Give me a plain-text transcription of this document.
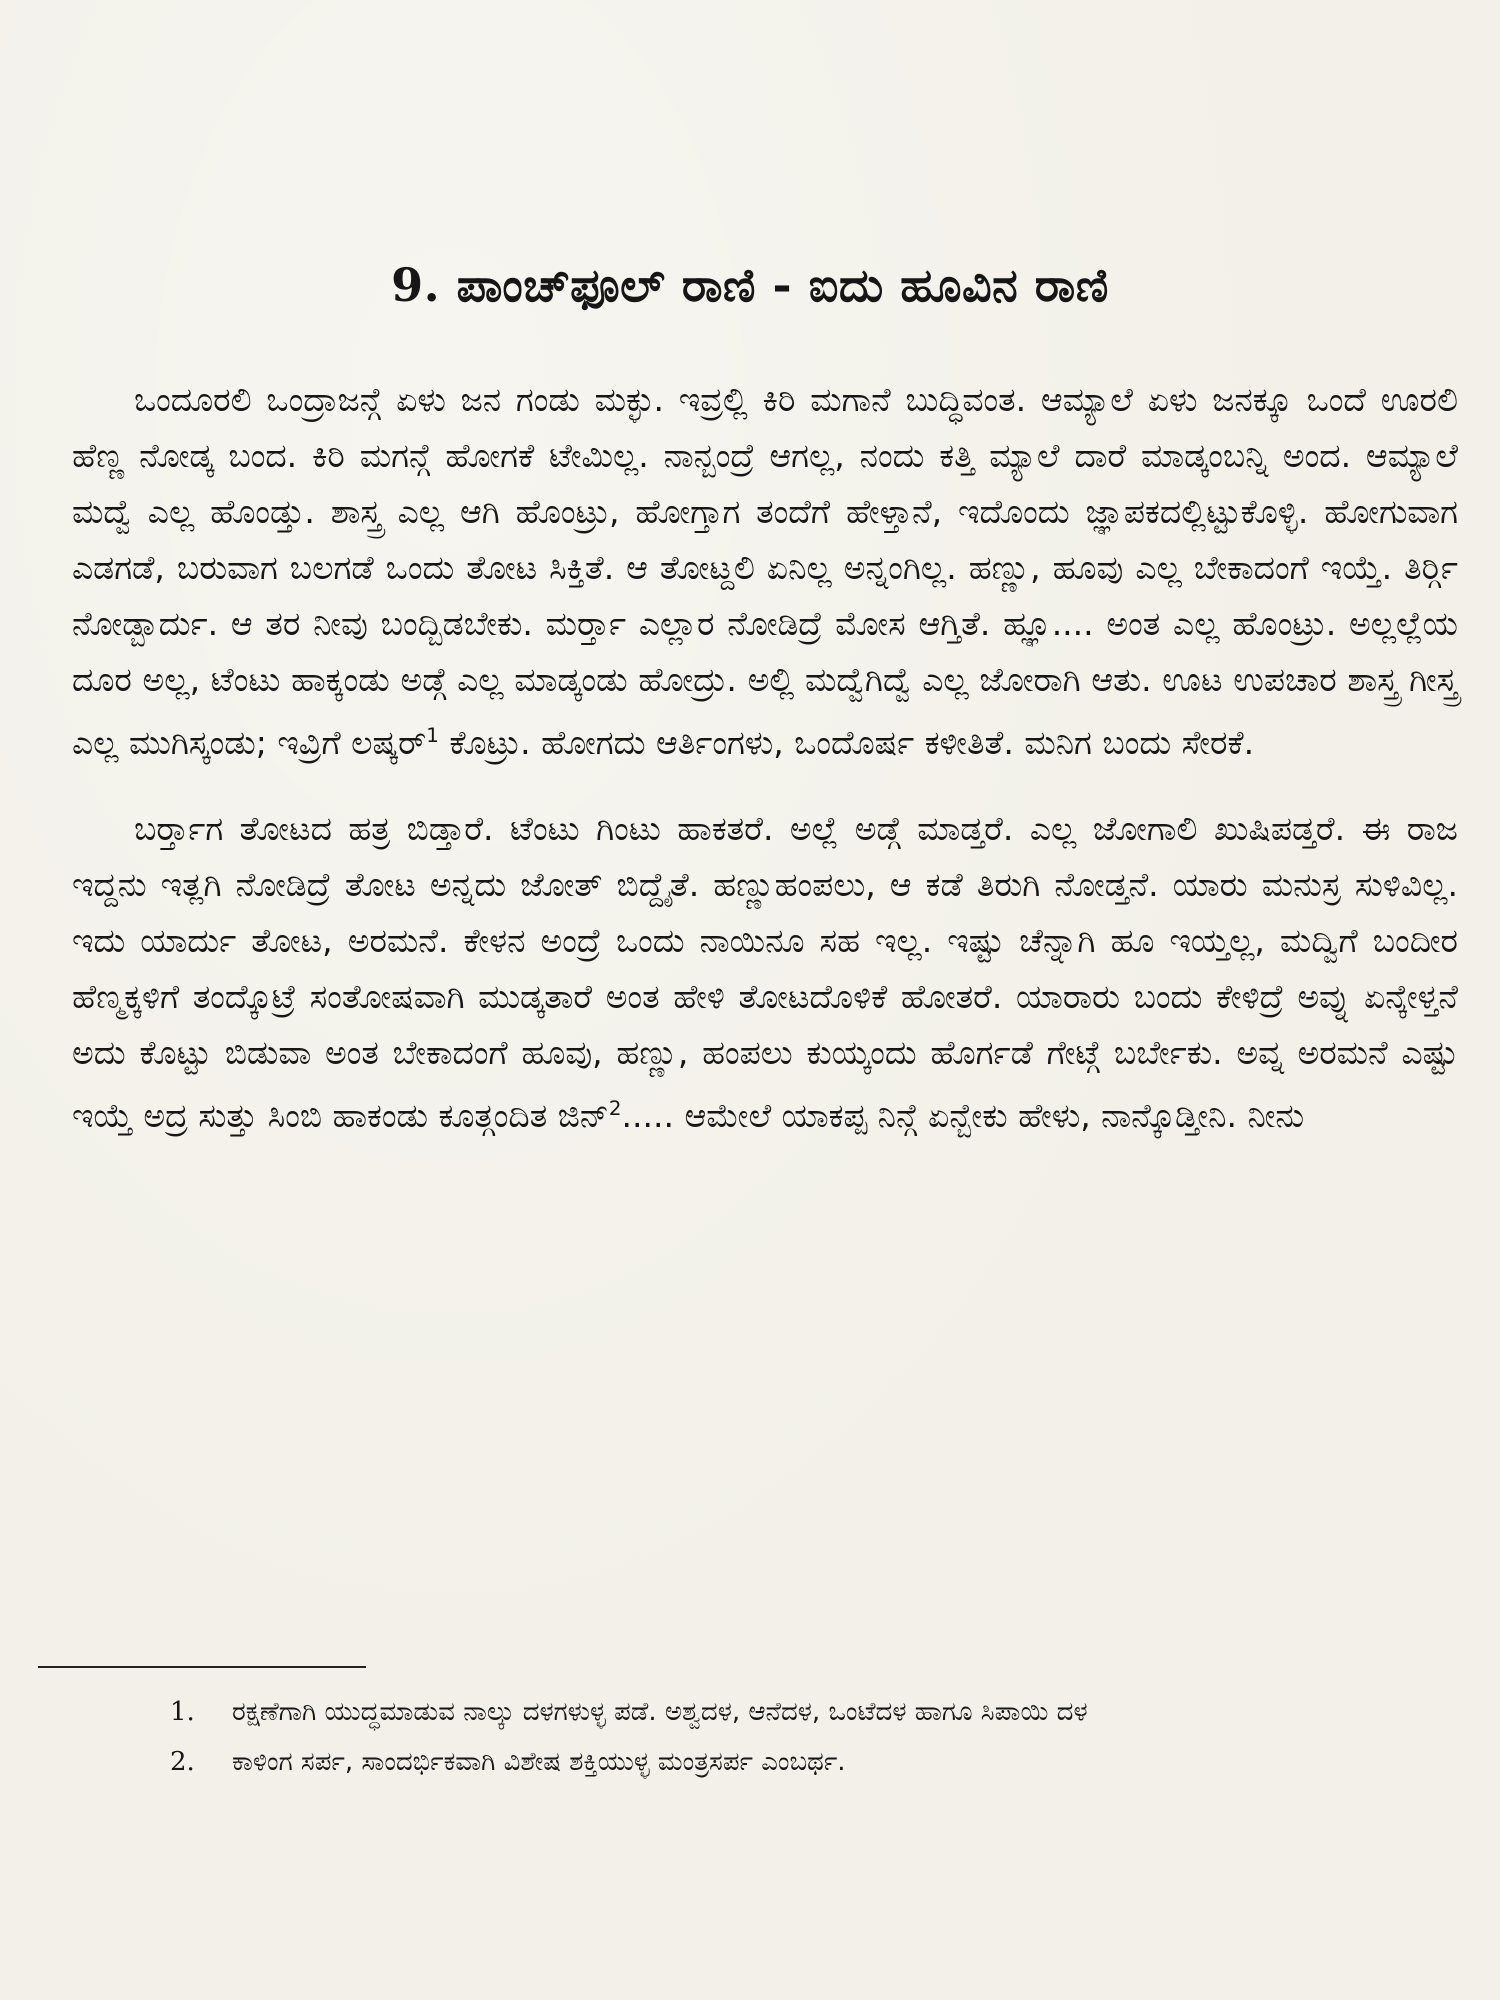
9. ಪಾಂಚ್‌ಫೂಲ್ ರಾಣಿ - ಐದು ಹೂವಿನ ರಾಣಿ

ಒಂದೂರಲಿ ಒಂದ್ರಾಜನ್ಗೆ ಏಳು ಜನ ಗಂಡು ಮಕ್ಳು. ಇವ್ರಲ್ಲಿ ಕಿರಿ ಮಗಾನೆ ಬುದ್ಧಿವಂತ. ಆಮ್ಯಾಲೆ ಏಳು ಜನಕ್ಕೂ ಒಂದೆ ಊರಲಿ ಹೆಣ್ಣ ನೋಡ್ಕ ಬಂದ. ಕಿರಿ ಮಗನ್ಗೆ ಹೋಗಕೆ ಟೇಮಿಲ್ಲ. ನಾನ್ಬಂದ್ರೆ ಆಗಲ್ಲ, ನಂದು ಕತ್ತಿ ಮ್ಯಾಲೆ ದಾರೆ ಮಾಡ್ಕಂಬನ್ನಿ ಅಂದ. ಆಮ್ಯಾಲೆ ಮದ್ವೆ ಎಲ್ಲ ಹೊಂಡ್ತು. ಶಾಸ್ತ್ರ ಎಲ್ಲ ಆಗಿ ಹೊಂಟ್ರು, ಹೋಗ್ತಾಗ ತಂದೆಗೆ ಹೇಳ್ತಾನೆ, ಇದೊಂದು ಜ್ಞಾಪಕದಲ್ಲಿಟ್ಟುಕೊಳ್ಳಿ. ಹೋಗುವಾಗ ಎಡಗಡೆ, ಬರುವಾಗ ಬಲಗಡೆ ಒಂದು ತೋಟ ಸಿಕ್ತಿತೆ. ಆ ತೋಟ್ದಲಿ ಏನಿಲ್ಲ ಅನ್ನಂಗಿಲ್ಲ. ಹಣ್ಣು, ಹೂವು ಎಲ್ಲ ಬೇಕಾದಂಗೆ ಇಯ್ತೆ. ತಿರ್ರ್ಗಿ ನೋಡ್ಬಾರ್ದು. ಆ ತರ ನೀವು ಬಂದ್ಬಿಡಬೇಕು. ಮರ್ರ್ತಾ ಎಲ್ಲಾರ ನೋಡಿದ್ರೆ ಮೋಸ ಆಗ್ತಿತೆ. ಹ್ಞೂ.... ಅಂತ ಎಲ್ಲ ಹೊಂಟ್ರು. ಅಲ್ಲಲ್ಲೆಯ ದೂರ ಅಲ್ಲ, ಟೆಂಟು ಹಾಕ್ಕಂಡು ಅಡ್ಗೆ ಎಲ್ಲ ಮಾಡ್ಕಂಡು ಹೋದ್ರು. ಅಲ್ಲಿ ಮದ್ವೆಗಿದ್ವೆ ಎಲ್ಲ ಜೋರಾಗಿ ಆತು. ಊಟ ಉಪಚಾರ ಶಾಸ್ತ್ರ ಗೀಸ್ತ್ರ ಎಲ್ಲ ಮುಗಿಸ್ಕಂಡು; ಇವ್ರಿಗೆ ಲಷ್ಕರ್$^1$ ಕೊಟ್ರು. ಹೋಗದು ಆರ್ತಿಂಗಳು, ಒಂದೊರ್ಷ ಕಳೀತಿತೆ. ಮನಿಗ ಬಂದು ಸೇರಕೆ.

ಬರ್ರ್ತಾಗ ತೋಟದ ಹತ್ರ ಬಿಡ್ತಾರೆ. ಟೆಂಟು ಗಿಂಟು ಹಾಕತರೆ. ಅಲ್ಲೆ ಅಡ್ಗೆ ಮಾಡ್ತರೆ. ಎಲ್ಲ ಜೋಗಾಲಿ ಖುಷಿಪಡ್ತರೆ. ಈ ರಾಜ ಇದ್ದನು ಇತ್ಲಗಿ ನೋಡಿದ್ರೆ ತೋಟ ಅನ್ನದು ಜೋತ್ ಬಿದ್ದೈತೆ. ಹಣ್ಣುಹಂಪಲು, ಆ ಕಡೆ ತಿರುಗಿ ನೋಡ್ತನೆ. ಯಾರು ಮನುಸ್ರ ಸುಳಿವಿಲ್ಲ. ಇದು ಯಾರ್ದು ತೋಟ, ಅರಮನೆ. ಕೇಳನ ಅಂದ್ರೆ ಒಂದು ನಾಯಿನೂ ಸಹ ಇಲ್ಲ. ಇಷ್ಟು ಚೆನ್ನಾಗಿ ಹೂ ಇಯ್ತಲ್ಲ, ಮದ್ವಿಗೆ ಬಂದೀರ ಹೆಣ್ಮಕ್ಕಳಿಗೆ ತಂದ್ಕೊಟ್ರೆ ಸಂತೋಷವಾಗಿ ಮುಡ್ಕತಾರೆ ಅಂತ ಹೇಳಿ ತೋಟದೊಳಿಕೆ ಹೋತರೆ. ಯಾರಾರು ಬಂದು ಕೇಳಿದ್ರೆ ಅವ್ನು ಏನ್ಕೇಳ್ತನೆ ಅದು ಕೊಟ್ಟು ಬಿಡುವಾ ಅಂತ ಬೇಕಾದಂಗೆ ಹೂವು, ಹಣ್ಣು, ಹಂಪಲು ಕುಯ್ಕಂದು ಹೊರ್ಗಡೆ ಗೇಟ್ಗೆ ಬರ್ಬೇಕು. ಅವ್ನ ಅರಮನೆ ಎಷ್ಟು ಇಯ್ತೆ ಅದ್ರ ಸುತ್ತು ಸಿಂಬಿ ಹಾಕಂಡು ಕೂತ್ಗಂದಿತ ಜಿನ್$^2$..... ಆಮೇಲೆ ಯಾಕಪ್ಪ ನಿನ್ಗೆ ಏನ್ಬೇಕು ಹೇಳು, ನಾನ್ಕೊಡ್ತೀನಿ. ನೀನು

1.	ರಕ್ಷಣೆಗಾಗಿ ಯುದ್ಧಮಾಡುವ ನಾಲ್ಕು ದಳಗಳುಳ್ಳ ಪಡೆ. ಅಶ್ವದಳ, ಆನೆದಳ, ಒಂಟೆದಳ ಹಾಗೂ ಸಿಪಾಯಿ ದಳ
2.	ಕಾಳಿಂಗ ಸರ್ಪ, ಸಾಂದರ್ಭಿಕವಾಗಿ ವಿಶೇಷ ಶಕ್ತಿಯುಳ್ಳ ಮಂತ್ರಸರ್ಪ ಎಂಬರ್ಥ.
